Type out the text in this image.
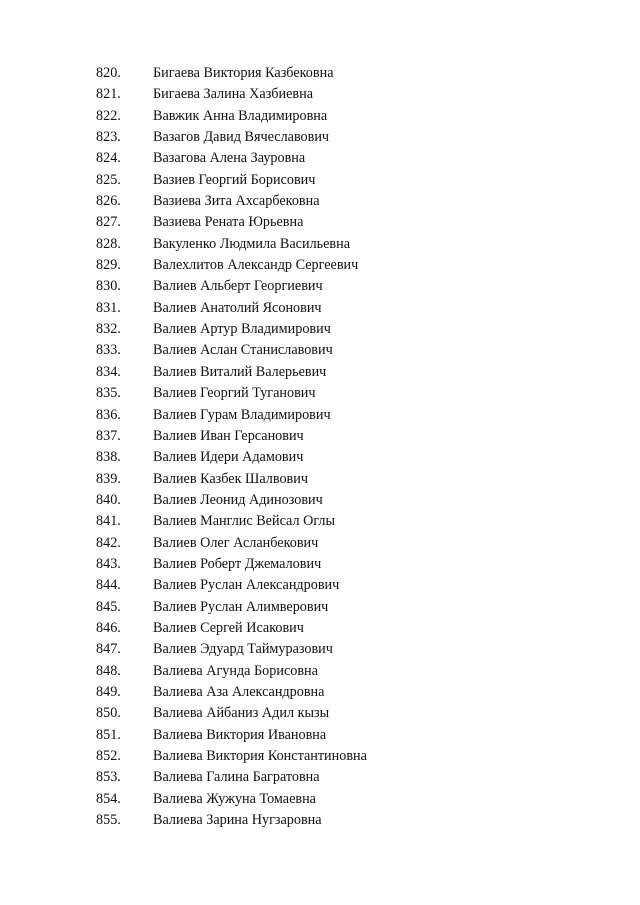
820. Бигаева Виктория Казбековна
821. Бигаева Залина Хазбиевна
822. Вавжик Анна Владимировна
823. Вазагов Давид Вячеславович
824. Вазагова Алена Зауровна
825. Вазиев Георгий Борисович
826. Вазиева Зита Ахсарбековна
827. Вазиева Рената Юрьевна
828. Вакуленко Людмила Васильевна
829. Валехлитов Александр Сергеевич
830. Валиев Альберт Георгиевич
831. Валиев Анатолий Ясонович
832. Валиев Артур Владимирович
833. Валиев Аслан Станиславович
834. Валиев Виталий Валерьевич
835. Валиев Георгий Туганович
836. Валиев Гурам Владимирович
837. Валиев Иван Герсанович
838. Валиев Идери Адамович
839. Валиев Казбек Шалвович
840. Валиев Леонид Адинозович
841. Валиев Манглис Вейсал Оглы
842. Валиев Олег Асланбекович
843. Валиев Роберт Джемалович
844. Валиев Руслан Александрович
845. Валиев Руслан Алимверович
846. Валиев Сергей Исакович
847. Валиев Эдуард Таймуразович
848. Валиева Агунда Борисовна
849. Валиева Аза Александровна
850. Валиева Айбаниз Адил кызы
851. Валиева Виктория Ивановна
852. Валиева Виктория Константиновна
853. Валиева Галина Багратовна
854. Валиева Жужуна Томаевна
855. Валиева Зарина Нугзаровна
